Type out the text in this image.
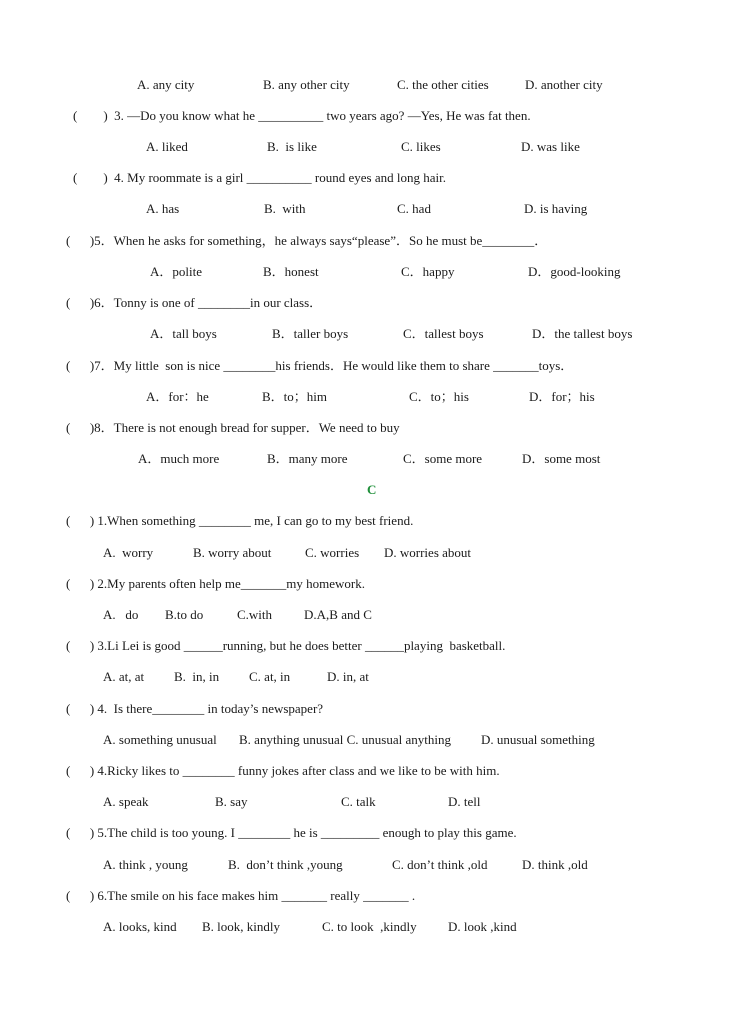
A. any city	B. any other city	C. the other cities	D. another city
(        )  3. —Do you know what he __________ two years ago? —Yes, He was fat then.
A. liked	B.  is like	C. likes	D. was like
(        )  4. My roommate is a girl __________ round eyes and long hair.
A. has	B.  with	C. had	D. is having
(      )5．When he asks for something，he always says“please”．So he must be________．
A．polite	B．honest	C．happy	D．good-looking
(      )6．Tonny is one of ________in our class．
A．tall boys	B．taller boys	C．tallest boys	D．the tallest boys
(      )7．My little  son is nice ________his friends．He would like them to share _______toys．
A．for：he	B．to；him	C．to；his	D．for；his
(      )8．There is not enough bread for supper．We need to buy
A．much more	B．many more	C．some more	D．some most
C
(      ) 1.When something ________ me, I can go to my best friend.
A.  worry	B. worry about	C. worries D. worries about
(      ) 2.My parents often help me_______my homework.
A.   do B.to do	C.with D.A,B and C
(      ) 3.Li Lei is good ______running, but he does better ______playing  basketball.
A. at, at B.  in, in C. at, in	D. in, at
(      ) 4.  Is there________ in today’s newspaper?
A. something unusual B. anything unusual C. unusual anything D. unusual something
(      ) 4.Ricky likes to ________ funny jokes after class and we like to be with him.
A. speak	B. say	C. talk	D. tell
(      ) 5.The child is too young. I ________ he is _________ enough to play this game.
A. think , young	B.  don’t think ,young	C. don’t think ,old	D. think ,old
(      ) 6.The smile on his face makes him _______ really _______ .
A. looks, kind B. look, kindly	C. to look  ,kindly D. look ,kind
